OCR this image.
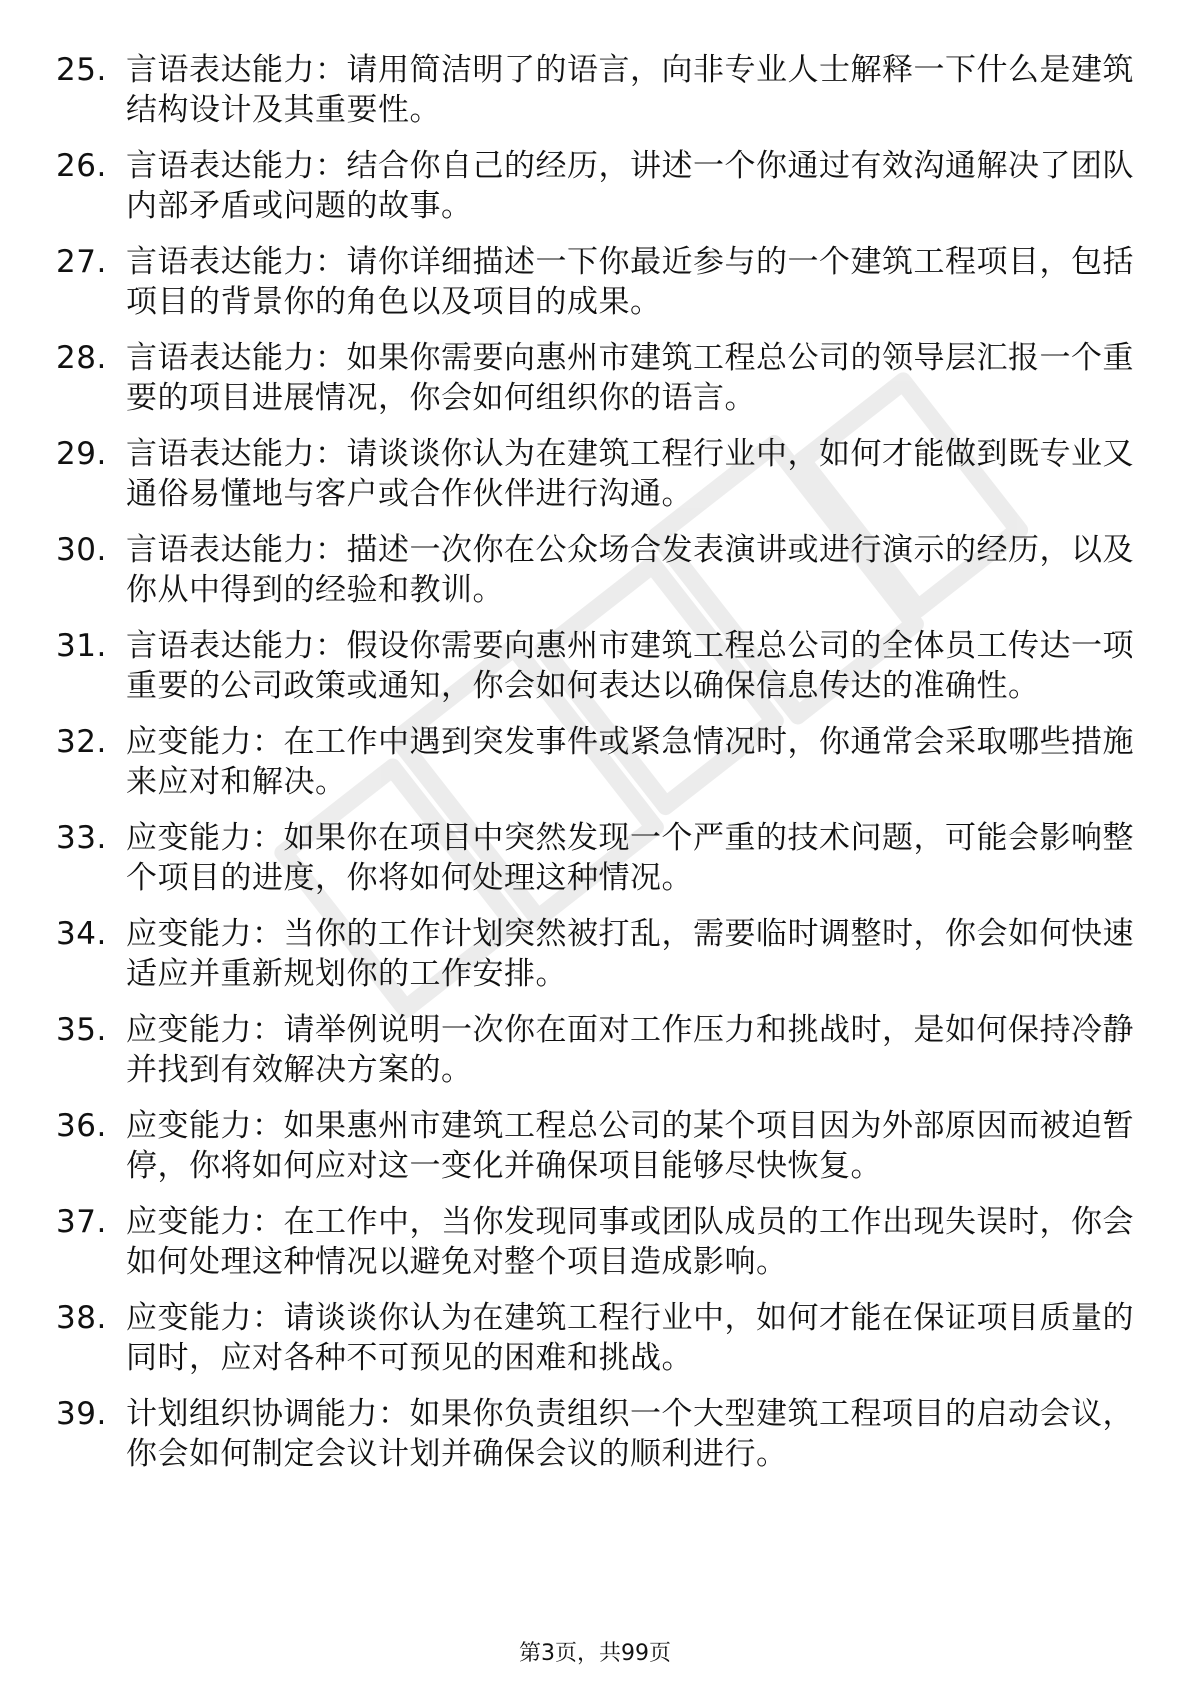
25. 言语表达能力：请用简洁明了的语言，向非专业人士解释一下什么是建筑结构设计及其重要性。
26. 言语表达能力：结合你自己的经历，讲述一个你通过有效沟通解决了团队内部矛盾或问题的故事。
27. 言语表达能力：请你详细描述一下你最近参与的一个建筑工程项目，包括项目的背景你的角色以及项目的成果。
28. 言语表达能力：如果你需要向惠州市建筑工程总公司的领导层汇报一个重要的项目进展情况，你会如何组织你的语言。
29. 言语表达能力：请谈谈你认为在建筑工程行业中，如何才能做到既专业又通俗易懂地与客户或合作伙伴进行沟通。
30. 言语表达能力：描述一次你在公众场合发表演讲或进行演示的经历，以及你从中得到的经验和教训。
31. 言语表达能力：假设你需要向惠州市建筑工程总公司的全体员工传达一项重要的公司政策或通知，你会如何表达以确保信息传达的准确性。
32. 应变能力：在工作中遇到突发事件或紧急情况时，你通常会采取哪些措施来应对和解决。
33. 应变能力：如果你在项目中突然发现一个严重的技术问题，可能会影响整个项目的进度，你将如何处理这种情况。
34. 应变能力：当你的工作计划突然被打乱，需要临时调整时，你会如何快速适应并重新规划你的工作安排。
35. 应变能力：请举例说明一次你在面对工作压力和挑战时，是如何保持冷静并找到有效解决方案的。
36. 应变能力：如果惠州市建筑工程总公司的某个项目因为外部原因而被迫暂停，你将如何应对这一变化并确保项目能够尽快恢复。
37. 应变能力：在工作中，当你发现同事或团队成员的工作出现失误时，你会如何处理这种情况以避免对整个项目造成影响。
38. 应变能力：请谈谈你认为在建筑工程行业中，如何才能在保证项目质量的同时，应对各种不可预见的困难和挑战。
39. 计划组织协调能力：如果你负责组织一个大型建筑工程项目的启动会议，你会如何制定会议计划并确保会议的顺利进行。
第3页，共99页
